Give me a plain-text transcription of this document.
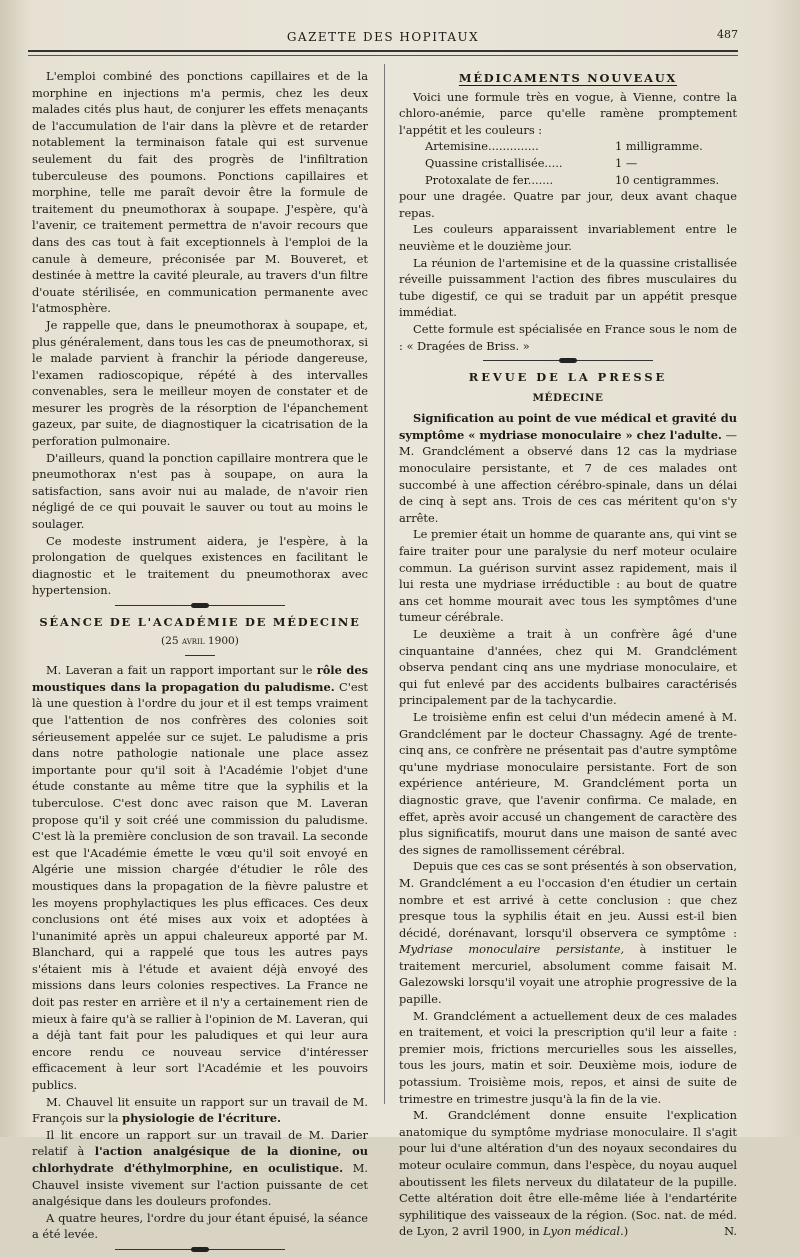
GAZETTE DES HOPITAUX	487

L'emploi combiné des ponctions capillaires et de la morphine en injections m'a permis, chez les deux malades cités plus haut, de conjurer les effets menaçants de l'accumulation de l'air dans la plèvre et de retarder notablement la terminaison fatale qui est survenue seulement du fait des progrès de l'infiltration tuberculeuse des poumons. Ponctions capillaires et morphine, telle me paraît devoir être la formule de traitement du pneumothorax à soupape. J'espère, qu'à l'avenir, ce traitement permettra de n'avoir recours que dans des cas tout à fait exceptionnels à l'emploi de la canule à demeure, préconisée par M. Bouveret, et destinée à mettre la cavité pleurale, au travers d'un filtre d'ouate stérilisée, en communication permanente avec l'atmosphère.

Je rappelle que, dans le pneumothorax à soupape, et, plus généralement, dans tous les cas de pneumothorax, si le malade parvient à franchir la période dangereuse, l'examen radioscopique, répété à des intervalles convenables, sera le meilleur moyen de constater et de mesurer les progrès de la résorption de l'épanchement gazeux, par suite, de diagnostiquer la cicatrisation de la perforation pulmonaire.

D'ailleurs, quand la ponction capillaire montrera que le pneumothorax n'est pas à soupape, on aura la satisfaction, sans avoir nui au malade, de n'avoir rien négligé de ce qui pouvait le sauver ou tout au moins le soulager.

Ce modeste instrument aidera, je l'espère, à la prolongation de quelques existences en facilitant le diagnostic et le traitement du pneumothorax avec hypertension.

SÉANCE DE L'ACADÉMIE DE MÉDECINE
(25 avril 1900)

M. Laveran a fait un rapport important sur le rôle des moustiques dans la propagation du paludisme. C'est là une question à l'ordre du jour et il est temps vraiment que l'attention de nos confrères des colonies soit sérieusement appelée sur ce sujet. Le paludisme a pris dans notre pathologie nationale une place assez importante pour qu'il soit à l'Académie l'objet d'une étude constante au même titre que la syphilis et la tuberculose. C'est donc avec raison que M. Laveran propose qu'il y soit créé une commission du paludisme. C'est là la première conclusion de son travail. La seconde est que l'Académie émette le vœu qu'il soit envoyé en Algérie une mission chargée d'étudier le rôle des moustiques dans la propagation de la fièvre palustre et les moyens prophylactiques les plus efficaces. Ces deux conclusions ont été mises aux voix et adoptées à l'unanimité après un appui chaleureux apporté par M. Blanchard, qui a rappelé que tous les autres pays s'étaient mis à l'étude et avaient déjà envoyé des missions dans leurs colonies respectives. La France ne doit pas rester en arrière et il n'y a certainement rien de mieux à faire qu'à se rallier à l'opinion de M. Laveran, qui a déjà tant fait pour les paludiques et qui leur aura encore rendu ce nouveau service d'intéresser efficacement à leur sort l'Académie et les pouvoirs publics.

M. Chauvel lit ensuite un rapport sur un travail de M. François sur la physiologie de l'écriture.

Il lit encore un rapport sur un travail de M. Darier relatif à l'action analgésique de la dionine, ou chlorhydrate d'éthylmorphine, en oculistique. M. Chauvel insiste vivement sur l'action puissante de cet analgésique dans les douleurs profondes.

A quatre heures, l'ordre du jour étant épuisé, la séance a été levée.

MÉDICAMENTS NOUVEAUX

Voici une formule très en vogue, à Vienne, contre la chloro-anémie, parce qu'elle ramène promptement l'appétit et les couleurs :

Artemisine..............	1 milligramme.
Quassine cristallisée.....	1 —
Protoxalate de fer.......	10 centigrammes.

pour une dragée. Quatre par jour, deux avant chaque repas.

Les couleurs apparaissent invariablement entre le neuvième et le douzième jour.

La réunion de l'artemisine et de la quassine cristallisée réveille puissamment l'action des fibres musculaires du tube digestif, ce qui se traduit par un appétit presque immédiat.

Cette formule est spécialisée en France sous le nom de : « Dragées de Briss. »

REVUE DE LA PRESSE
MÉDECINE

Signification au point de vue médical et gravité du symptôme « mydriase monoculaire » chez l'adulte. — M. Grandclément a observé dans 12 cas la mydriase monoculaire persistante, et 7 de ces malades ont succombé à une affection cérébro-spinale, dans un délai de cinq à sept ans. Trois de ces cas méritent qu'on s'y arrête.

Le premier était un homme de quarante ans, qui vint se faire traiter pour une paralysie du nerf moteur oculaire commun. La guérison survint assez rapidement, mais il lui resta une mydriase irréductible : au bout de quatre ans cet homme mourait avec tous les symptômes d'une tumeur cérébrale.

Le deuxième a trait à un confrère âgé d'une cinquantaine d'années, chez qui M. Grandclément observa pendant cinq ans une mydriase monoculaire, et qui fut enlevé par des accidents bulbaires caractérisés principalement par de la tachycardie.

Le troisième enfin est celui d'un médecin amené à M. Grandclément par le docteur Chassagny. Agé de trente-cinq ans, ce confrère ne présentait pas d'autre symptôme qu'une mydriase monoculaire persistante. Fort de son expérience antérieure, M. Grandclément porta un diagnostic grave, que l'avenir confirma. Ce malade, en effet, après avoir accusé un changement de caractère des plus significatifs, mourut dans une maison de santé avec des signes de ramollissement cérébral.

Depuis que ces cas se sont présentés à son observation, M. Grandclément a eu l'occasion d'en étudier un certain nombre et est arrivé à cette conclusion : que chez presque tous la syphilis était en jeu. Aussi est-il bien décidé, dorénavant, lorsqu'il observera ce symptôme : Mydriase monoculaire persistante, à instituer le traitement mercuriel, absolument comme faisait M. Galezowski lorsqu'il voyait une atrophie progressive de la papille.

M. Grandclément a actuellement deux de ces malades en traitement, et voici la prescription qu'il leur a faite : premier mois, frictions mercurielles sous les aisselles, tous les jours, matin et soir. Deuxième mois, iodure de potassium. Troisième mois, repos, et ainsi de suite de trimestre en trimestre jusqu'à la fin de la vie.

M. Grandclément donne ensuite l'explication anatomique du symptôme mydriase monoculaire. Il s'agit pour lui d'une altération d'un des noyaux secondaires du moteur oculaire commun, dans l'espèce, du noyau auquel aboutissent les filets nerveux du dilatateur de la pupille. Cette altération doit être elle-même liée à l'endartérite syphilitique des vaisseaux de la région. (Soc. nat. de méd. de Lyon, 2 avril 1900, in Lyon médical.)	N.
